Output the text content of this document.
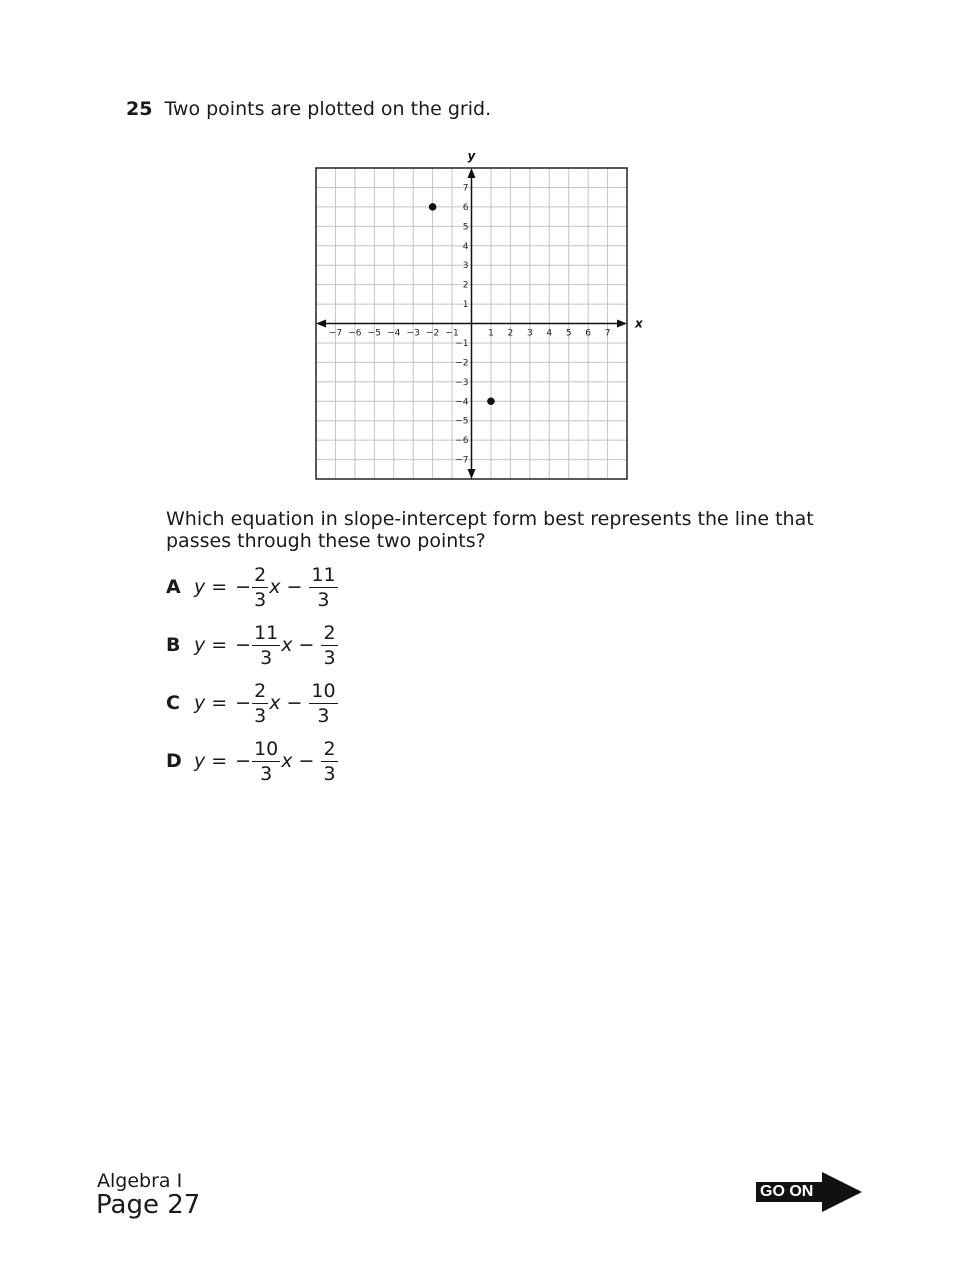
25 Two points are plotted on the grid.
x
y
−7 −6 −5 −4 −3 −2 −1	1 2 3 4 5 6 7
−7
−6
−5
−4
−3
−2
−1
1
2
3
4
5
6
7
Which equation in slope-intercept form best represents the line that passes through these two points?
A y = − $\frac{2}{3}$ $x - \frac{11}{3}$
B y = − $\frac{11}{3}$ $x - \frac{2}{3}$
C y = − $\frac{2}{3}$ $x - \frac{10}{3}$
D y = − $\frac{10}{3}$ $x - \frac{2}{3}$
Algebra I
Page 27	GO ON
